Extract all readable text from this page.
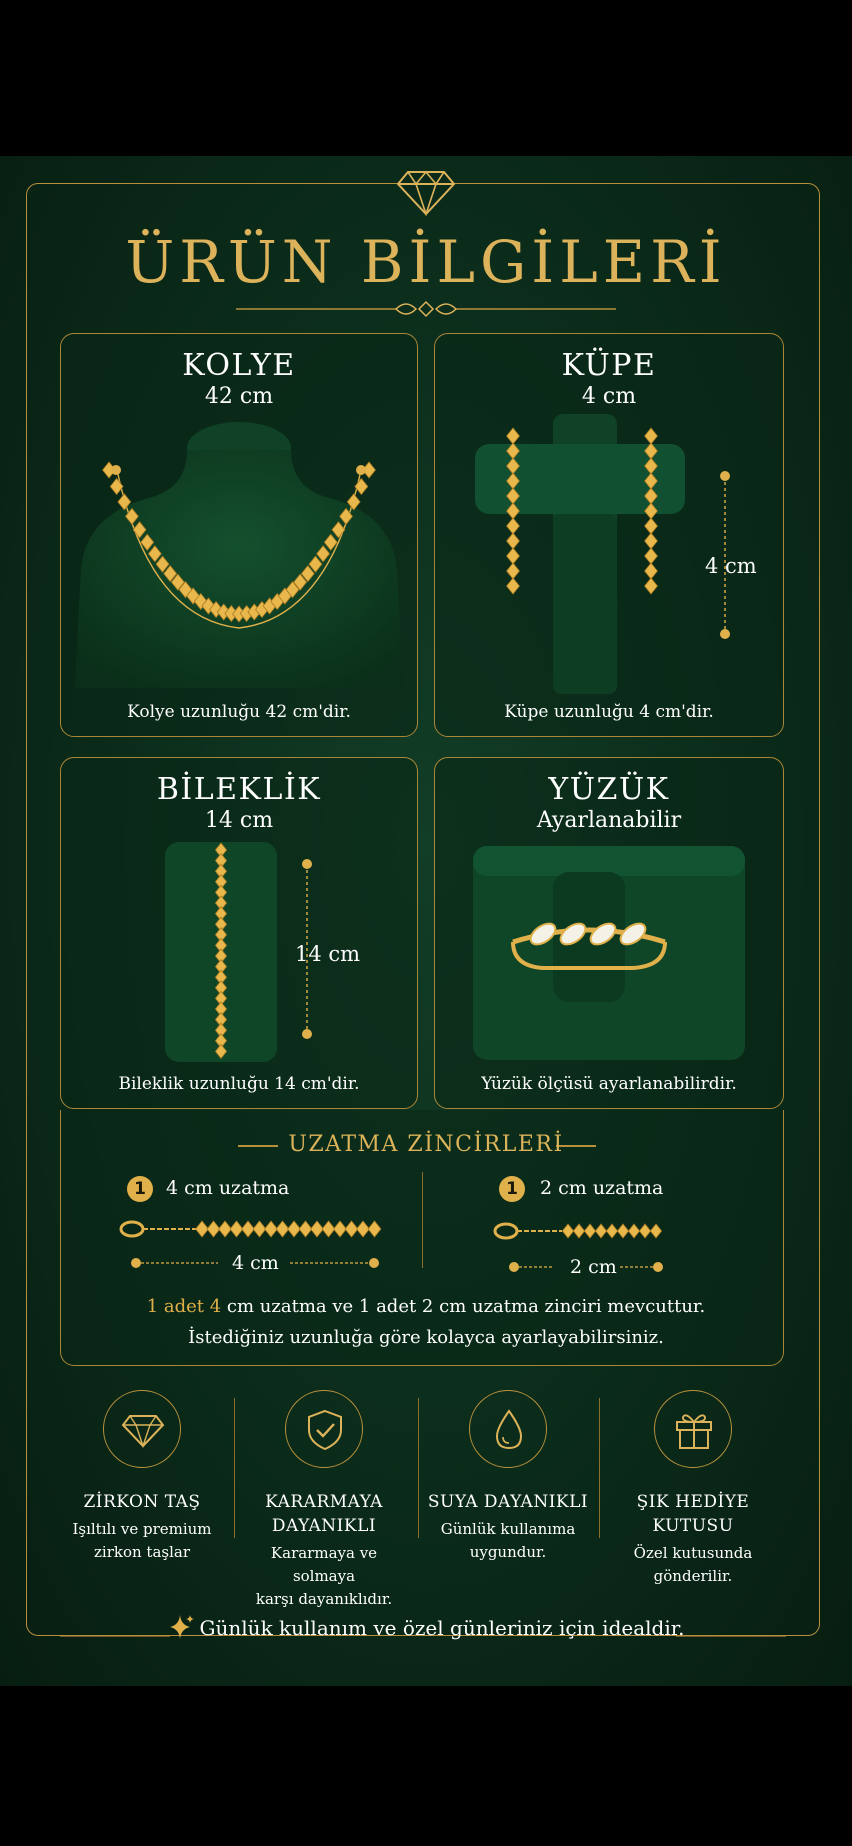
ÜRÜN BİLGİLERİ
KOLYE
42 cm
Kolye uzunluğu 42 cm'dir.
KÜPE
4 cm
4 cm
Küpe uzunluğu 4 cm'dir.
BİLEKLİK
14 cm
14 cm
Bileklik uzunluğu 14 cm'dir.
YÜZÜK
Ayarlanabilir
Yüzük ölçüsü ayarlanabilirdir.
UZATMA ZİNCİRLERİ
1	4 cm uzatma
4 cm
1	2 cm uzatma
2 cm
1 adet 4 cm uzatma ve 1 adet 2 cm uzatma zinciri mevcuttur.
İstediğiniz uzunluğa göre kolayca ayarlayabilirsiniz.
ZİRKON TAŞ
Işıltılı ve premium
zirkon taşlar
KARARMAYA
DAYANIKLI
Kararmaya ve solmaya
karşı dayanıklıdır.
SUYA DAYANIKLI
Günlük kullanıma
uygundur.
ŞIK HEDİYE
KUTUSU
Özel kutusunda
gönderilir.
Günlük kullanım ve özel günleriniz için idealdir.
